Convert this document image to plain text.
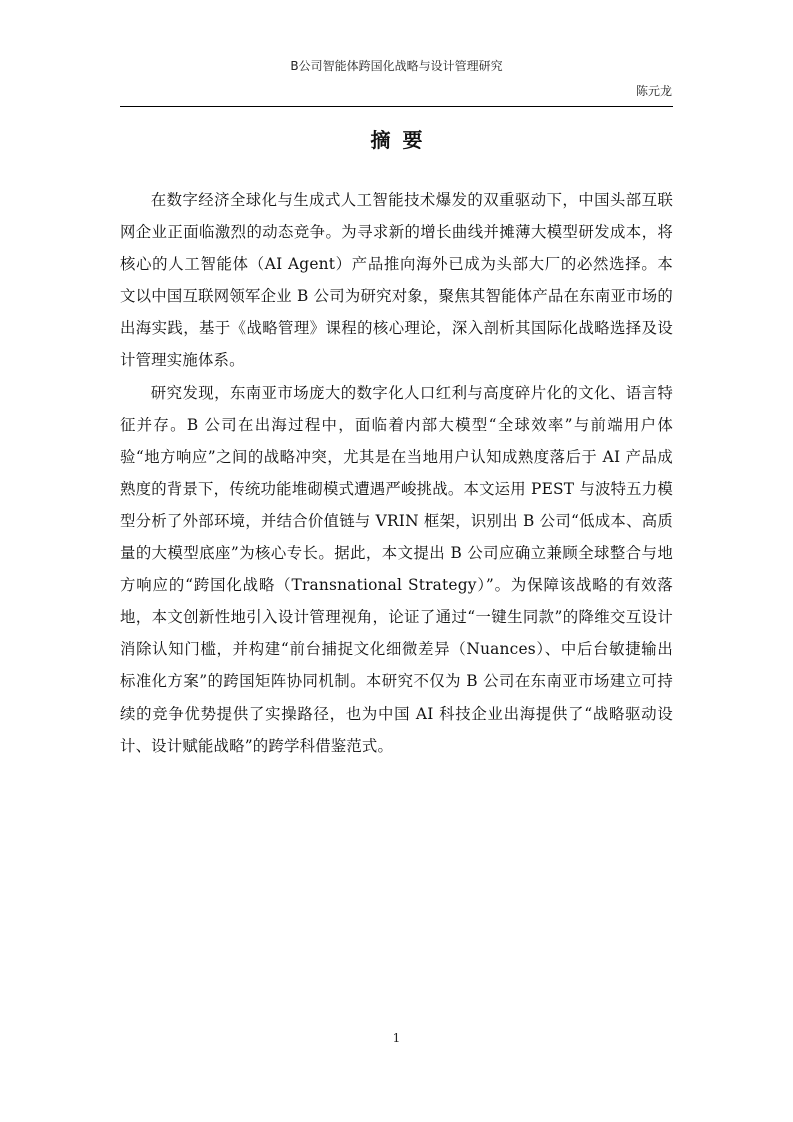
B公司智能体跨国化战略与设计管理研究
陈元龙
摘要

在数字经济全球化与生成式人工智能技术爆发的双重驱动下，中国头部互联网企业正面临激烈的动态竞争。为寻求新的增长曲线并摊薄大模型研发成本，将核心的人工智能体（AI Agent）产品推向海外已成为头部大厂的必然选择。本文以中国互联网领军企业 B 公司为研究对象，聚焦其智能体产品在东南亚市场的出海实践，基于《战略管理》课程的核心理论，深入剖析其国际化战略选择及设计管理实施体系。

研究发现，东南亚市场庞大的数字化人口红利与高度碎片化的文化、语言特征并存。B 公司在出海过程中，面临着内部大模型“全球效率”与前端用户体验“地方响应”之间的战略冲突，尤其是在当地用户认知成熟度落后于 AI 产品成熟度的背景下，传统功能堆砌模式遭遇严峻挑战。本文运用 PEST 与波特五力模型分析了外部环境，并结合价值链与 VRIN 框架，识别出 B 公司“低成本、高质量的大模型底座”为核心专长。据此，本文提出 B 公司应确立兼顾全球整合与地方响应的“跨国化战略（Transnational Strategy）”。为保障该战略的有效落地，本文创新性地引入设计管理视角，论证了通过“一键生同款”的降维交互设计消除认知门槛，并构建“前台捕捉文化细微差异（Nuances）、中后台敏捷输出标准化方案”的跨国矩阵协同机制。本研究不仅为 B 公司在东南亚市场建立可持续的竞争优势提供了实操路径，也为中国 AI 科技企业出海提供了“战略驱动设计、设计赋能战略”的跨学科借鉴范式。

1
